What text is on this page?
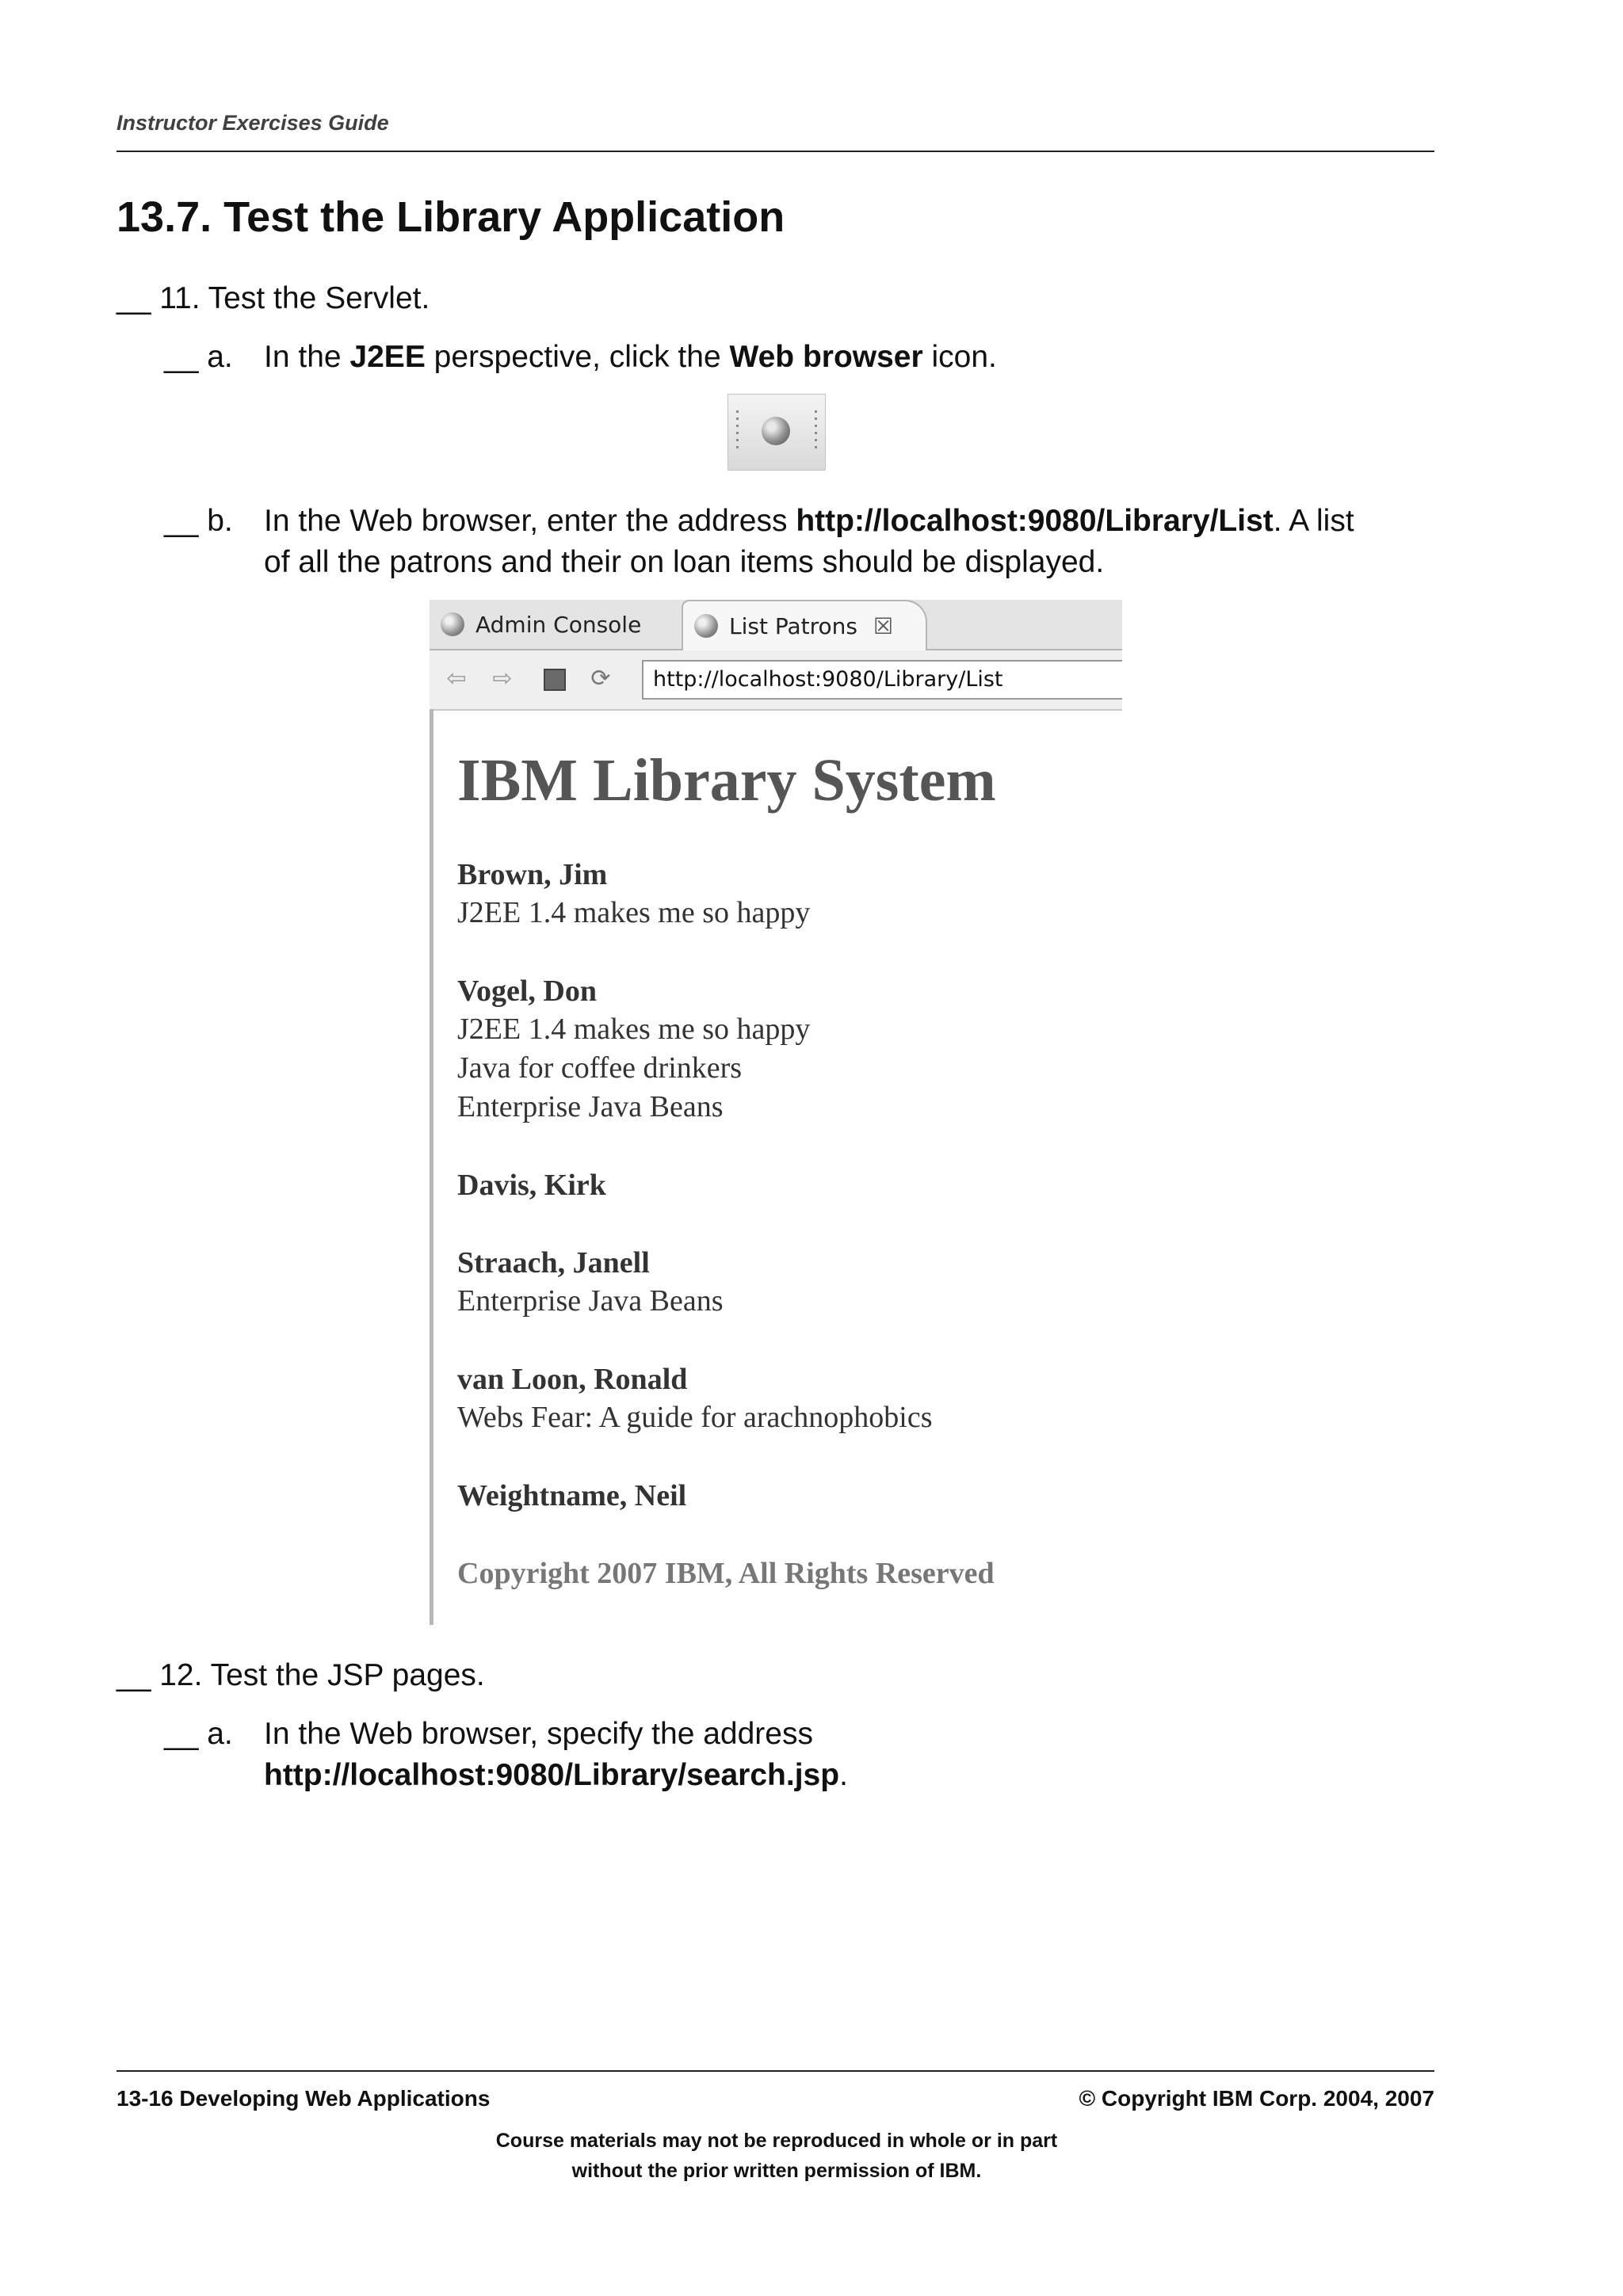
Instructor Exercises Guide
13.7. Test the Library Application
__ 11. Test the Servlet.
__ a. In the J2EE perspective, click the Web browser icon.
__ b. In the Web browser, enter the address http://localhost:9080/Library/List. A list
of all the patrons and their on loan items should be displayed.
Admin Console	List Patrons ☒
⇦ ⇨	⟳	http://localhost:9080/Library/List
IBM Library System
Brown, Jim
J2EE 1.4 makes me so happy
Vogel, Don
J2EE 1.4 makes me so happy
Java for coffee drinkers
Enterprise Java Beans
Davis, Kirk
Straach, Janell
Enterprise Java Beans
van Loon, Ronald
Webs Fear: A guide for arachnophobics
Weightname, Neil
Copyright 2007 IBM, All Rights Reserved
__ 12. Test the JSP pages.
__ a. In the Web browser, specify the address
http://localhost:9080/Library/search.jsp.
13-16 Developing Web Applications	© Copyright IBM Corp. 2004, 2007
Course materials may not be reproduced in whole or in part
without the prior written permission of IBM.
